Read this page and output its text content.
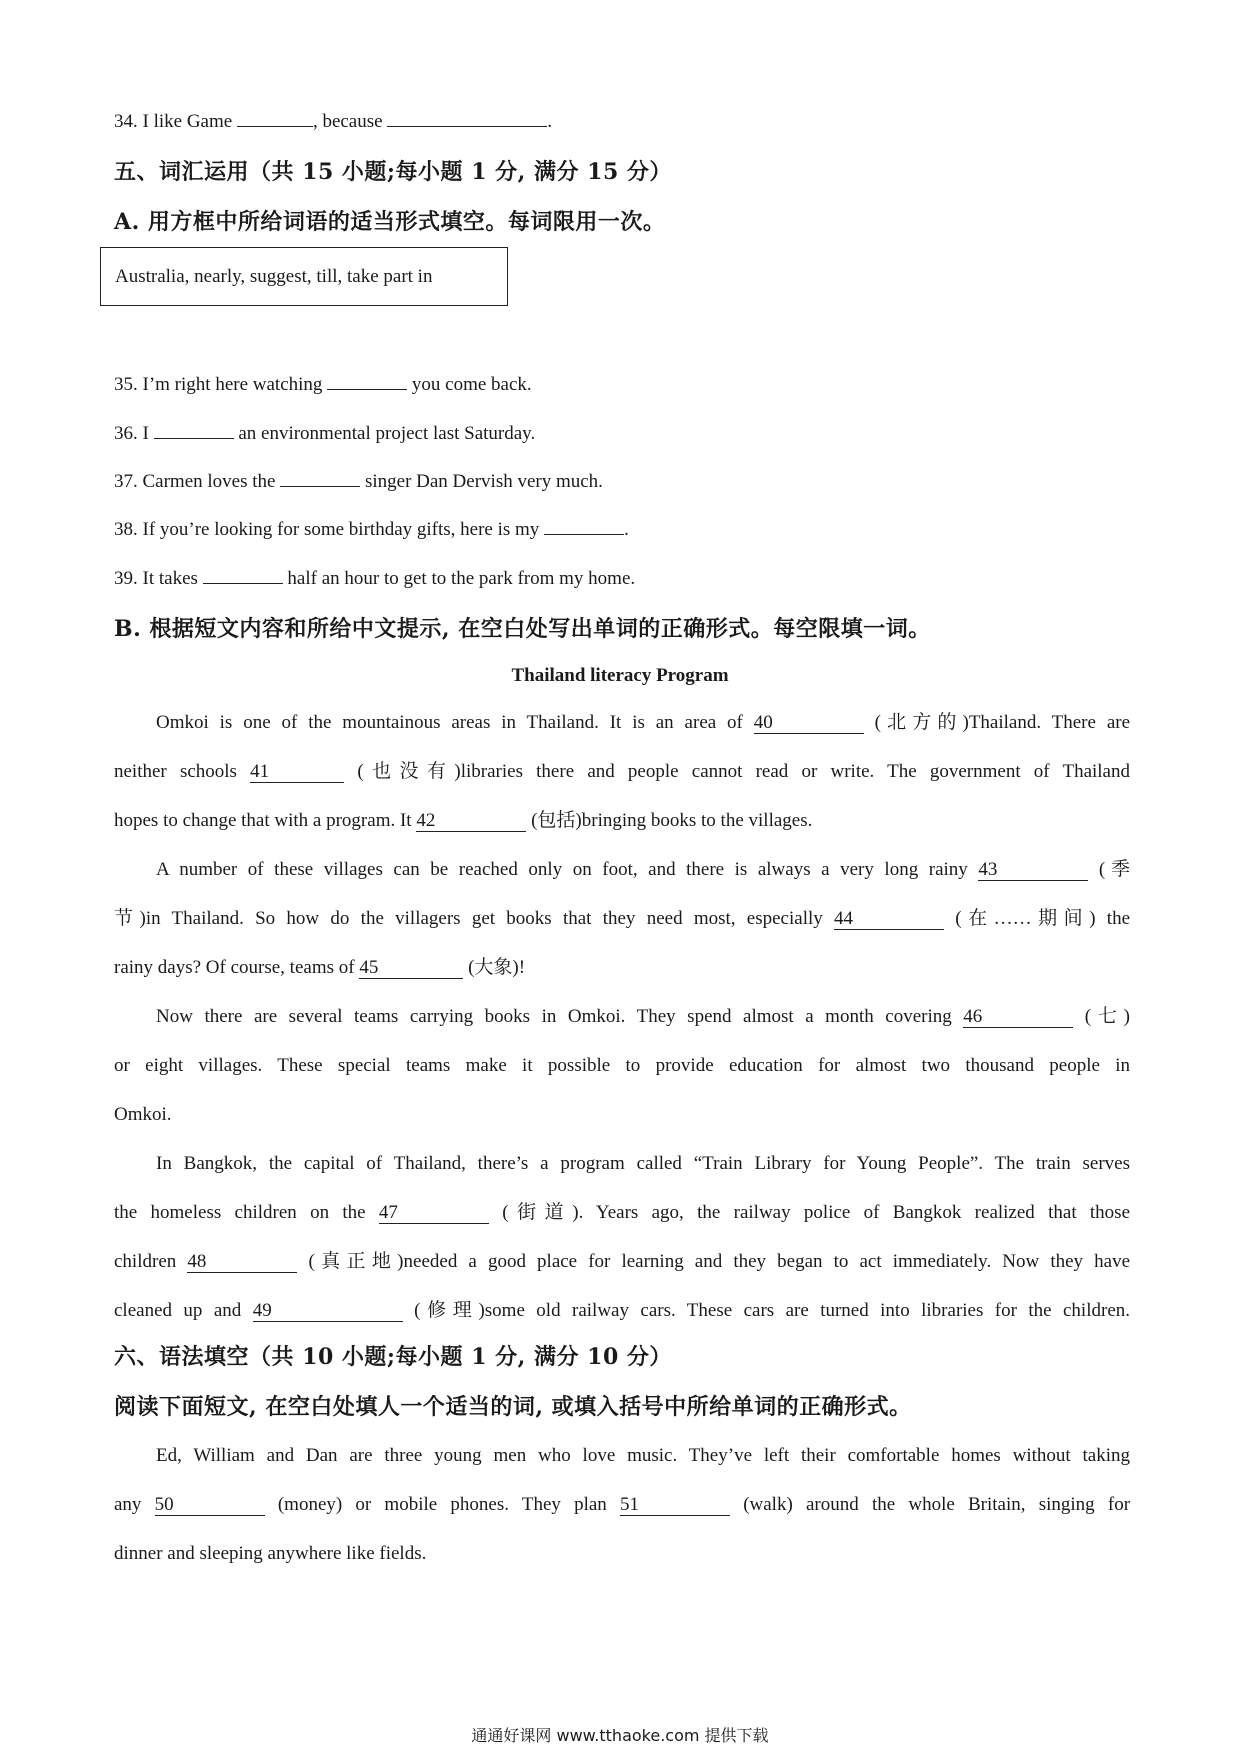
34. I like Game	, because	.
五、词汇运用（共 15 小题;每小题 1 分, 满分 15 分）
A. 用方框中所给词语的适当形式填空。每词限用一次。
Australia, nearly, suggest, till, take part in
35. I’m right here watching	you come back.
36. I	an environmental project last Saturday.
37. Carmen loves the	singer Dan Dervish very much.
38. If you’re looking for some birthday gifts, here is my	.
39. It takes	half an hour to get to the park from my home.
B. 根据短文内容和所给中文提示, 在空白处写出单词的正确形式。每空限填一词。
Thailand literacy Program
Omkoi is one of the mountainous areas in Thailand. It is an area of 40	(北方的)Thailand. There are
neither schools 41	(也没有)libraries there and people cannot read or write. The government of Thailand
hopes to change that with a program. It 42	(包括)bringing books to the villages.
A number of these villages can be reached only on foot, and there is always a very long rainy 43	(季
节)in Thailand. So how do the villagers get books that they need most, especially 44	(在……期间) the
rainy days? Of course, teams of 45	(大象)!
Now there are several teams carrying books in Omkoi. They spend almost a month covering 46	(七)
or eight villages. These special teams make it possible to provide education for almost two thousand people in
Omkoi.
In Bangkok, the capital of Thailand, there’s a program called “Train Library for Young People”. The train serves
the homeless children on the 47	(街道). Years ago, the railway police of Bangkok realized that those
children 48	(真正地)needed a good place for learning and they began to act immediately. Now they have
cleaned up and 49	(修理)some old railway cars. These cars are turned into libraries for the children.
六、语法填空（共 10 小题;每小题 1 分, 满分 10 分）
阅读下面短文, 在空白处填人一个适当的词, 或填入括号中所给单词的正确形式。
Ed, William and Dan are three young men who love music. They’ve left their comfortable homes without taking
any 50	(money) or mobile phones. They plan 51	(walk) around the whole Britain, singing for
dinner and sleeping anywhere like fields.
通通好课网 www.tthaoke.com 提供下载
